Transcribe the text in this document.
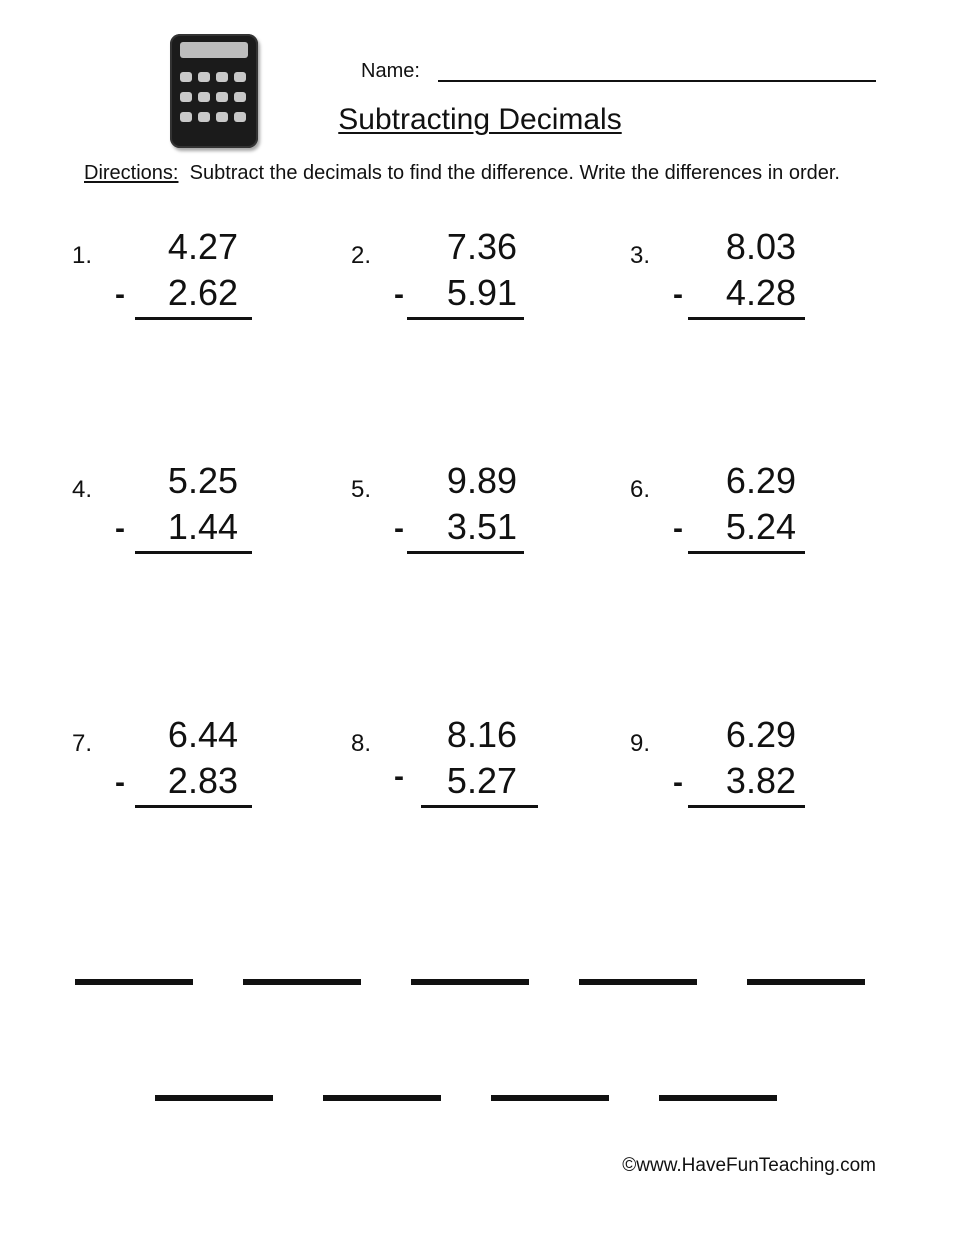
Name:
Subtracting Decimals
Directions: Subtract the decimals to find the difference. Write the differences in order.
1.	4.27
-	2.62
2.	7.36
-	5.91
3.	8.03
-	4.28
4.	5.25
-	1.44
5.	9.89
-	3.51
6.	6.29
-	5.24
7.	6.44
-	2.83
8.	8.16
-	5.27
9.	6.29
-	3.82
©www.HaveFunTeaching.com
